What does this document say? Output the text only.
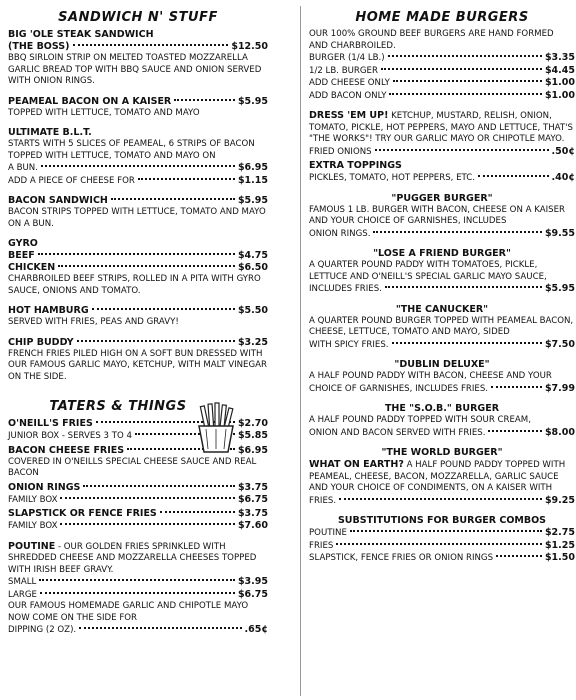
SANDWICH N' STUFF
BIG 'OLE STEAK SANDWICH
(THE BOSS)	$12.50
BBQ SIRLOIN STRIP ON MELTED TOASTED MOZZARELLA GARLIC BREAD TOP WITH BBQ SAUCE AND ONION SERVED WITH ONION RINGS.
PEAMEAL BACON ON A KAISER	$5.95
TOPPED WITH LETTUCE, TOMATO AND MAYO
ULTIMATE B.L.T.
STARTS WITH 5 SLICES OF PEAMEAL, 6 STRIPS OF BACON TOPPED WITH LETTUCE, TOMATO AND MAYO ON
A BUN.	$6.95
ADD A PIECE OF CHEESE FOR	$1.15
BACON SANDWICH	$5.95
BACON STRIPS TOPPED WITH LETTUCE, TOMATO AND MAYO ON A BUN.
GYRO
BEEF	$4.75
CHICKEN	$6.50
CHARBROILED BEEF STRIPS, ROLLED IN A PITA WITH GYRO SAUCE, ONIONS AND TOMATO.
HOT HAMBURG	$5.50
SERVED WITH FRIES, PEAS AND GRAVY!
CHIP BUDDY	$3.25
FRENCH FRIES PILED HIGH ON A SOFT BUN DRESSED WITH OUR FAMOUS GARLIC MAYO, KETCHUP, WITH MALT VINEGAR ON THE SIDE.
TATERS & THINGS
O'NEILL'S FRIES	$2.70
JUNIOR BOX - SERVES 3 TO 4	$5.85
BACON CHEESE FRIES	$6.95
COVERED IN O'NEILLS SPECIAL CHEESE SAUCE AND REAL BACON
ONION RINGS	$3.75
FAMILY BOX	$6.75
SLAPSTICK OR FENCE FRIES	$3.75
FAMILY BOX	$7.60
POUTINE - OUR GOLDEN FRIES SPRINKLED WITH SHREDDED CHEESE AND MOZZARELLA CHEESES TOPPED WITH IRISH BEEF GRAVY.
SMALL	$3.95
LARGE	$6.75
OUR FAMOUS HOMEMADE GARLIC AND CHIPOTLE MAYO NOW COME ON THE SIDE FOR
DIPPING (2 OZ).	.65¢
HOME MADE BURGERS
OUR 100% GROUND BEEF BURGERS ARE HAND FORMED AND CHARBROILED.
BURGER (1/4 LB.)	$3.35
1/2 LB. BURGER	$4.45
ADD CHEESE ONLY	$1.00
ADD BACON ONLY	$1.00
DRESS 'EM UP! KETCHUP, MUSTARD, RELISH, ONION, TOMATO, PICKLE, HOT PEPPERS, MAYO AND LETTUCE, THAT'S "THE WORKS"! TRY OUR GARLIC MAYO OR CHIPOTLE MAYO.
FRIED ONIONS	.50¢
EXTRA TOPPINGS
PICKLES, TOMATO, HOT PEPPERS, ETC.	.40¢
"PUGGER BURGER"
FAMOUS 1 LB. BURGER WITH BACON, CHEESE ON A KAISER AND YOUR CHOICE OF GARNISHES, INCLUDES
ONION RINGS.	$9.55
"LOSE A FRIEND BURGER"
A QUARTER POUND PADDY WITH TOMATOES, PICKLE, LETTUCE AND O'NEILL'S SPECIAL GARLIC MAYO SAUCE,
INCLUDES FRIES.	$5.95
"THE CANUCKER"
A QUARTER POUND BURGER TOPPED WITH PEAMEAL BACON, CHEESE, LETTUCE, TOMATO AND MAYO, SIDED
WITH SPICY FRIES.	$7.50
"DUBLIN DELUXE"
A HALF POUND PADDY WITH BACON, CHEESE AND YOUR
CHOICE OF GARNISHES, INCLUDES FRIES.	$7.99
THE "S.O.B." BURGER
A HALF POUND PADDY TOPPED WITH SOUR CREAM,
ONION AND BACON SERVED WITH FRIES.	$8.00
"THE WORLD BURGER"
WHAT ON EARTH? A HALF POUND PADDY TOPPED WITH PEAMEAL, CHEESE, BACON, MOZZARELLA, GARLIC SAUCE AND YOUR CHOICE OF CONDIMENTS, ON A KAISER WITH
FRIES.	$9.25
SUBSTITUTIONS FOR BURGER COMBOS
POUTINE	$2.75
FRIES	$1.25
SLAPSTICK, FENCE FRIES OR ONION RINGS	$1.50
